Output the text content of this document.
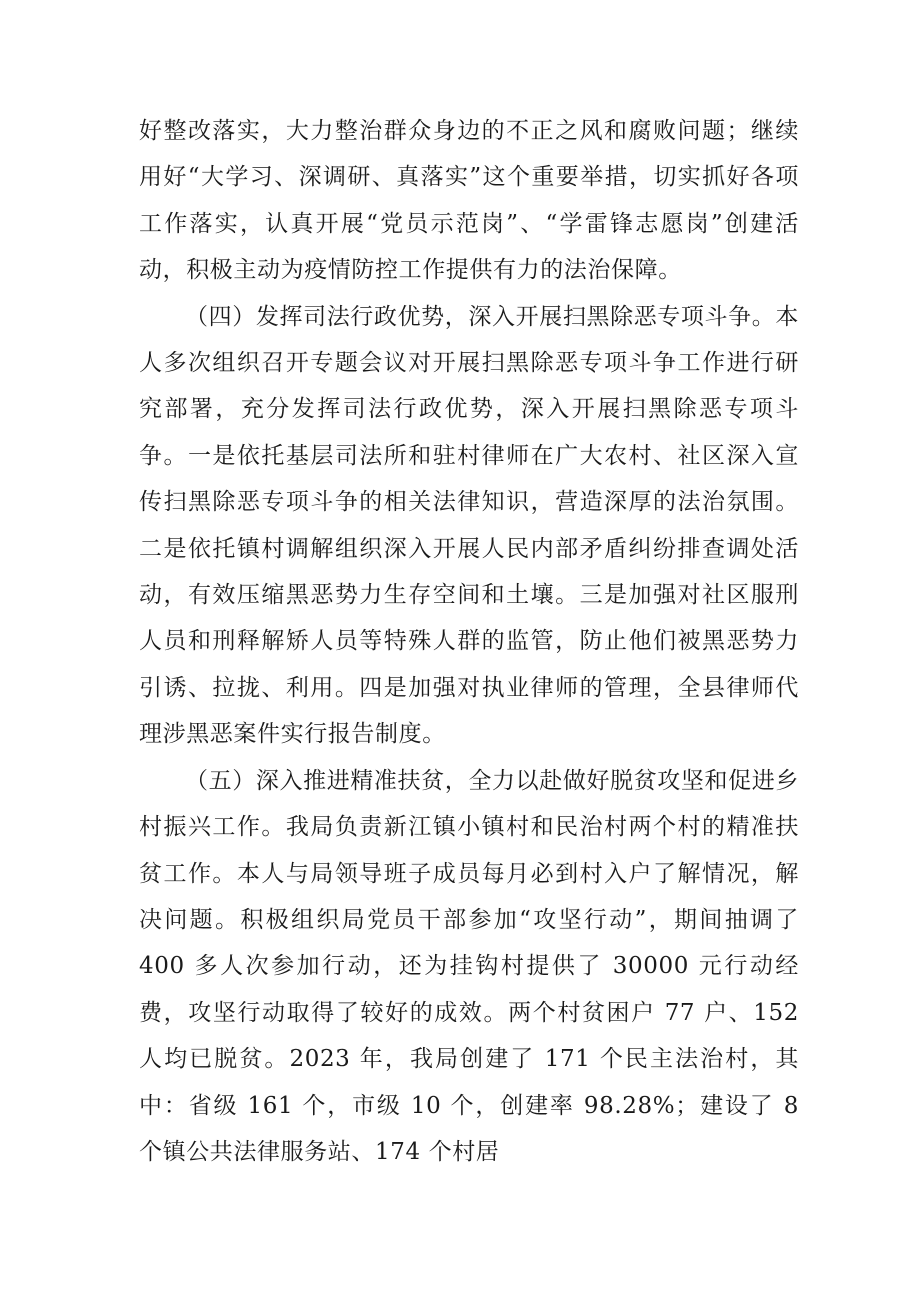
好整改落实，大力整治群众身边的不正之风和腐败问题；继续用好“大学习、深调研、真落实”这个重要举措，切实抓好各项工作落实，认真开展“党员示范岗”、“学雷锋志愿岗”创建活动，积极主动为疫情防控工作提供有力的法治保障。

（四）发挥司法行政优势，深入开展扫黑除恶专项斗争。本人多次组织召开专题会议对开展扫黑除恶专项斗争工作进行研究部署，充分发挥司法行政优势，深入开展扫黑除恶专项斗争。一是依托基层司法所和驻村律师在广大农村、社区深入宣传扫黑除恶专项斗争的相关法律知识，营造深厚的法治氛围。二是依托镇村调解组织深入开展人民内部矛盾纠纷排查调处活动，有效压缩黑恶势力生存空间和土壤。三是加强对社区服刑人员和刑释解矫人员等特殊人群的监管，防止他们被黑恶势力引诱、拉拢、利用。四是加强对执业律师的管理，全县律师代理涉黑恶案件实行报告制度。

（五）深入推进精准扶贫，全力以赴做好脱贫攻坚和促进乡村振兴工作。我局负责新江镇小镇村和民治村两个村的精准扶贫工作。本人与局领导班子成员每月必到村入户了解情况，解决问题。积极组织局党员干部参加“攻坚行动”，期间抽调了 400 多人次参加行动，还为挂钩村提供了 30000 元行动经费，攻坚行动取得了较好的成效。两个村贫困户 77 户、152 人均已脱贫。2023 年，我局创建了 171 个民主法治村，其中：省级 161 个，市级 10 个，创建率 98.28%；建设了 8 个镇公共法律服务站、174 个村居
